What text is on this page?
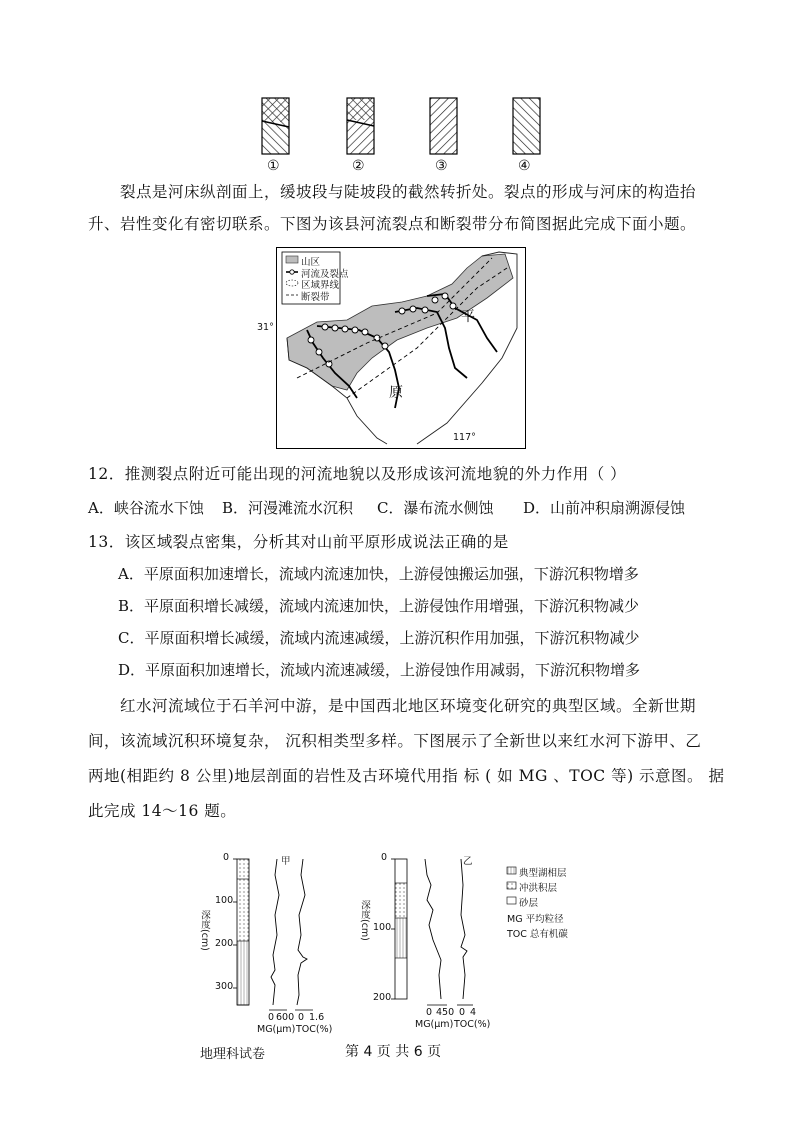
①	②	③	④
裂点是河床纵剖面上，缓坡段与陡坡段的截然转折处。裂点的形成与河床的构造抬
升、岩性变化有密切联系。下图为该县河流裂点和断裂带分布简图据此完成下面小题。
山区
河流及裂点
区域界线
断裂带
31°
117°
平
原
12．推测裂点附近可能出现的河流地貌以及形成该河流地貌的外力作用（ ）
A．峡谷流水下蚀 B．河漫滩流水沉积 C．瀑布流水侧蚀 D．山前冲积扇溯源侵蚀
13．该区域裂点密集，分析其对山前平原形成说法正确的是
A．平原面积加速增长，流域内流速加快，上游侵蚀搬运加强，下游沉积物增多
B．平原面积增长减缓，流域内流速加快，上游侵蚀作用增强，下游沉积物减少
C．平原面积增长减缓，流域内流速减缓，上游沉积作用加强，下游沉积物减少
D．平原面积加速增长，流域内流速减缓，上游侵蚀作用减弱，下游沉积物增多
红水河流域位于石羊河中游，是中国西北地区环境变化研究的典型区域。全新世期
间，该流域沉积环境复杂， 沉积相类型多样。下图展示了全新世以来红水河下游甲、乙
两地(相距约 8 公里)地层剖面的岩性及古环境代用指 标 ( 如 MG 、TOC 等) 示意图。 据
此完成 14～16 题。
甲
0
100
200
300
深度(cm)
0 600 0 1.6
MG(μm) TOC(%)
乙
0
100
200
深度(cm)
0 450 0 4
MG(μm) TOC(%)
典型湖相层
冲洪积层
砂层
MG 平均粒径
TOC 总有机碳
地理科试卷	第 4 页 共 6 页
